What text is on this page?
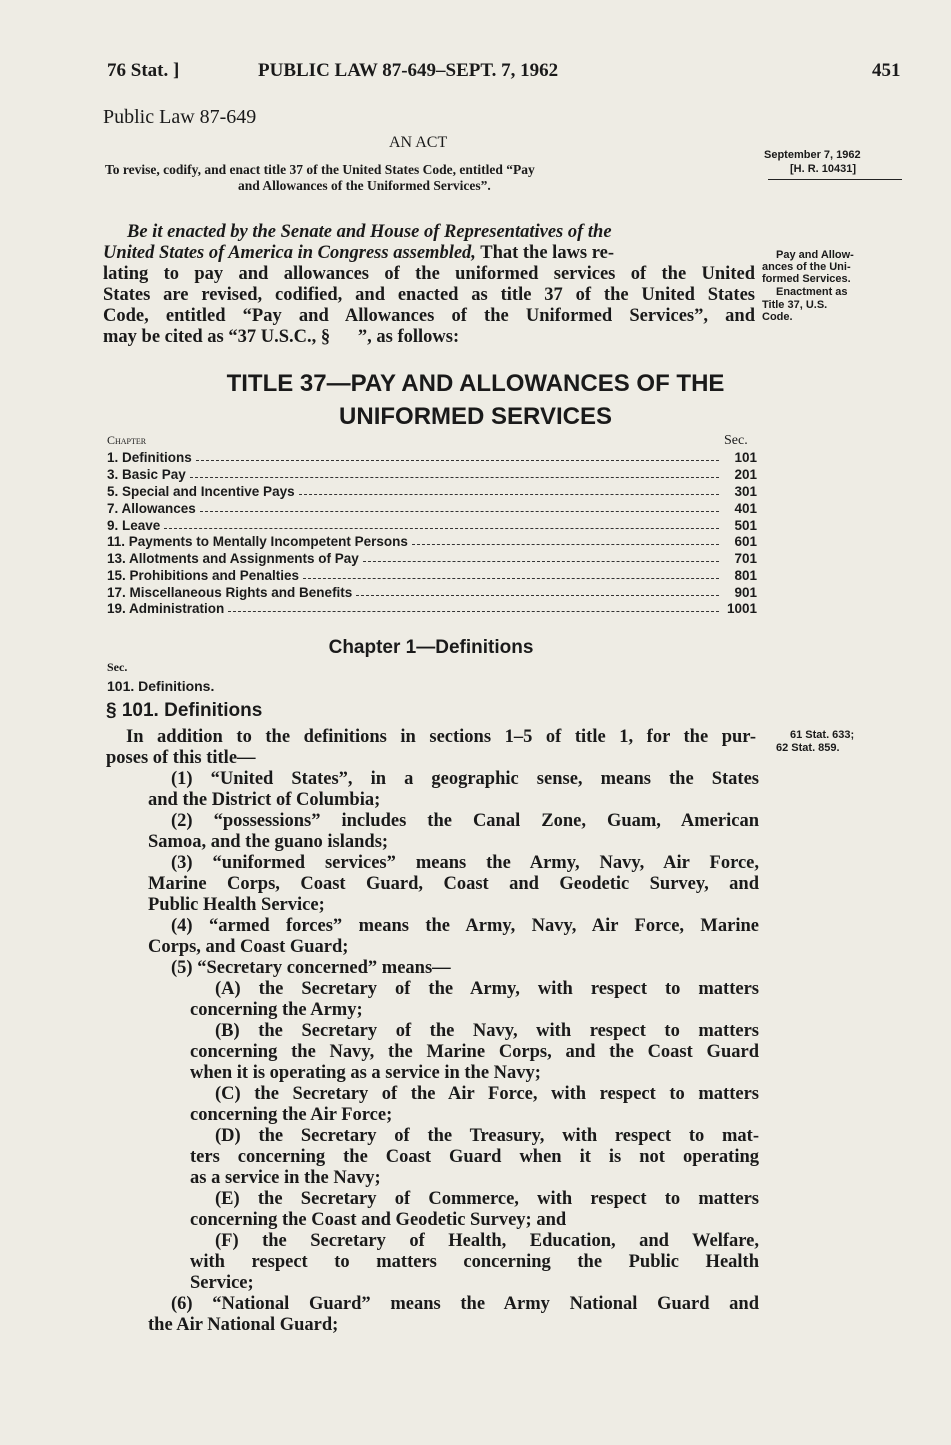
76 Stat. ]	PUBLIC LAW 87-649–SEPT. 7, 1962	451
Public Law 87-649
AN ACT
To revise, codify, and enact title 37 of the United States Code, entitled “Pay
and Allowances of the Uniformed Services”.
September 7, 1962
[H. R. 10431]
Be it enacted by the Senate and House of Representatives of the
United States of America in Congress assembled, That the laws re-
lating to pay and allowances of the uniformed services of the United
States are revised, codified, and enacted as title 37 of the United States
Code, entitled “Pay and Allowances of the Uniformed Services”, and
may be cited as “37 U.S.C., §      ”, as follows:
Pay and Allow-
ances of the Uni-
formed Services.
Enactment as
Title 37, U.S.
Code.
TITLE 37—PAY AND ALLOWANCES OF THE
UNIFORMED SERVICES
Chapter	Sec.
1. Definitions	101
3. Basic Pay	201
5. Special and Incentive Pays	301
7. Allowances	401
9. Leave	501
11. Payments to Mentally Incompetent Persons	601
13. Allotments and Assignments of Pay	701
15. Prohibitions and Penalties	801
17. Miscellaneous Rights and Benefits	901
19. Administration	1001
Chapter 1—Definitions
Sec.
101. Definitions.
§ 101. Definitions
61 Stat. 633;
62 Stat. 859.
In addition to the definitions in sections 1–5 of title 1, for the pur-
poses of this title—
(1) “United States”, in a geographic sense, means the States
and the District of Columbia;
(2) “possessions” includes the Canal Zone, Guam, American
Samoa, and the guano islands;
(3) “uniformed services” means the Army, Navy, Air Force,
Marine Corps, Coast Guard, Coast and Geodetic Survey, and
Public Health Service;
(4) “armed forces” means the Army, Navy, Air Force, Marine
Corps, and Coast Guard;
(5) “Secretary concerned” means—
(A) the Secretary of the Army, with respect to matters
concerning the Army;
(B) the Secretary of the Navy, with respect to matters
concerning the Navy, the Marine Corps, and the Coast Guard
when it is operating as a service in the Navy;
(C) the Secretary of the Air Force, with respect to matters
concerning the Air Force;
(D) the Secretary of the Treasury, with respect to mat-
ters concerning the Coast Guard when it is not operating
as a service in the Navy;
(E) the Secretary of Commerce, with respect to matters
concerning the Coast and Geodetic Survey; and
(F) the Secretary of Health, Education, and Welfare,
with respect to matters concerning the Public Health
Service;
(6) “National Guard” means the Army National Guard and
the Air National Guard;
